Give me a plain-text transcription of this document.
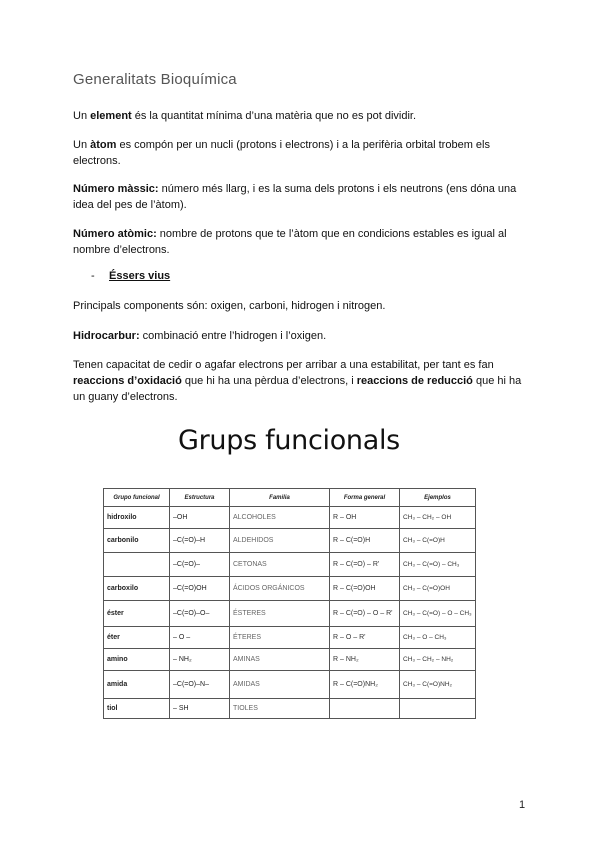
Generalitats Bioquímica
Un element és la quantitat mínima d’una matèria que no es pot dividir.
Un àtom es compón per un nucli (protons i electrons) i a la perifèria orbital trobem els
electrons.
Número màssic: número més llarg, i es la suma dels protons i els neutrons (ens dóna una
idea del pes de l’àtom).
Número atòmic: nombre de protons que te l’àtom que en condicions estables es igual al
nombre d’electrons.
- Éssers vius
Principals components són: oxigen, carboni, hidrogen i nitrogen.
Hidrocarbur: combinació entre l’hidrogen i l’oxigen.
Tenen capacitat de cedir o agafar electrons per arribar a una estabilitat, per tant es fan
reaccions d’oxidació que hi ha una pèrdua d’electrons, i reaccions de reducció que hi ha
un guany d’electrons.
Grups funcionals
Grupo funcional	Estructura	Familia	Forma general	Ejemplos
hidroxilo	–OH	ALCOHOLES	R – OH	CH₃ – CH₂ – OH
carbonilo	–C(=O)–H	ALDEHIDOS	R – C(=O)H	CH₃ – C(=O)H
	–C(=O)–	CETONAS	R – C(=O) – R'	CH₃ – C(=O) – CH₃
carboxilo	–C(=O)OH	ÁCIDOS ORGÁNICOS	R – C(=O)OH	CH₃ – C(=O)OH
éster	–C(=O)–O–	ÉSTERES	R – C(=O) – O – R'	CH₃ – C(=O) – O – CH₃
éter	– O –	ÉTERES	R – O – R'	CH₃ – O – CH₃
amino	– NH₂	AMINAS	R – NH₂	CH₃ – CH₂ – NH₂
amida	–C(=O)–N–	AMIDAS	R – C(=O)NH₂	CH₃ – C(=O)NH₂
tiol	– SH	TIOLES		
1
